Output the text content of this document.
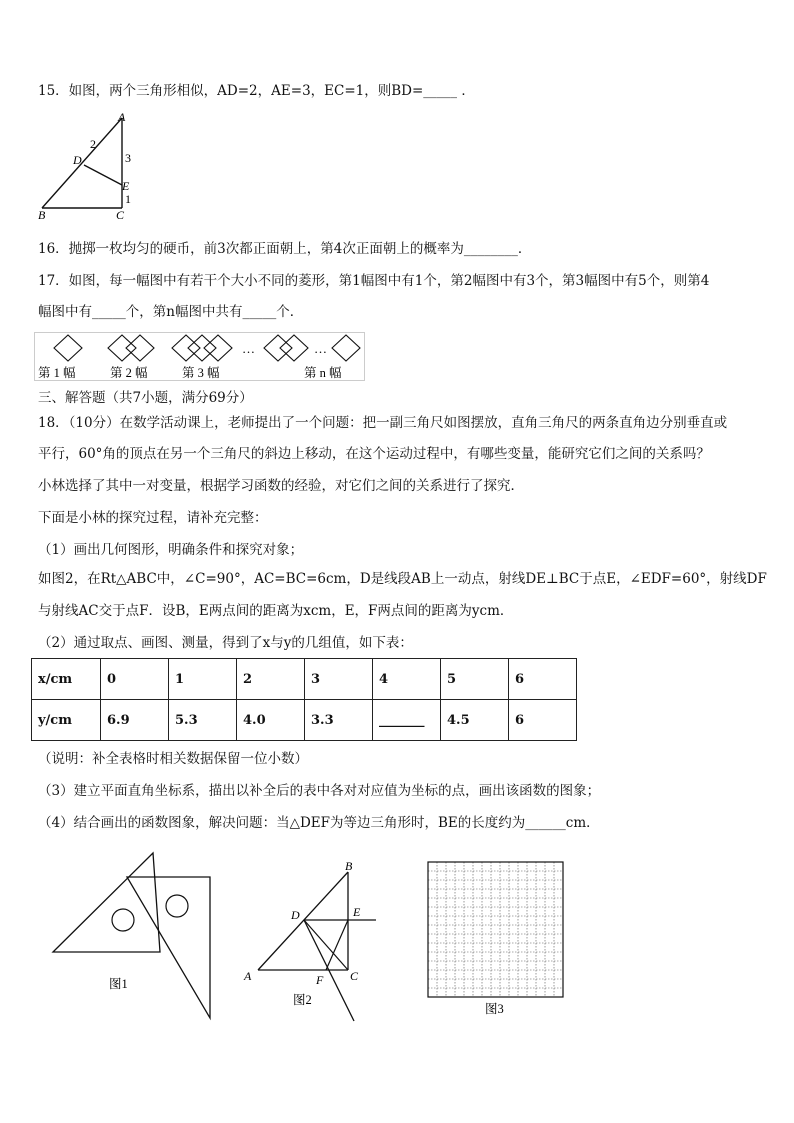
15．如图，两个三角形相似，AD=2，AE=3，EC=1，则BD=_____ ．
A
B	C
D
E
2
3
1
16．抛掷一枚均匀的硬币，前3次都正面朝上，第4次正面朝上的概率为________．
17．如图，每一幅图中有若干个大小不同的菱形，第1幅图中有1个，第2幅图中有3个，第3幅图中有5个，则第4
幅图中有_____个，第n幅图中共有_____个．
…	…
第 1 幅	第 2 幅	第 3 幅	第 n 幅
三、解答题（共7小题，满分69分）
18．（10分）在数学活动课上，老师提出了一个问题：把一副三角尺如图摆放，直角三角尺的两条直角边分别垂直或
平行，60°角的顶点在另一个三角尺的斜边上移动，在这个运动过程中，有哪些变量，能研究它们之间的关系吗？
小林选择了其中一对变量，根据学习函数的经验，对它们之间的关系进行了探究．
下面是小林的探究过程，请补充完整：
（1）画出几何图形，明确条件和探究对象；
如图2，在Rt△ABC中，∠C=90°，AC=BC=6cm，D是线段AB上一动点，射线DE⊥BC于点E，∠EDF=60°，射线DF
与射线AC交于点F．设B，E两点间的距离为xcm，E，F两点间的距离为ycm．
（2）通过取点、画图、测量，得到了x与y的几组值，如下表：
x/cm	0	1	2	3	4	5	6
y/cm	6.9	5.3	4.0	3.3	_______	4.5	6
（说明：补全表格时相关数据保留一位小数）
（3）建立平面直角坐标系，描出以补全后的表中各对对应值为坐标的点，画出该函数的图象；
（4）结合画出的函数图象，解决问题：当△DEF为等边三角形时，BE的长度约为______cm．
图1
B
D	E
A	F C
图2
图3
